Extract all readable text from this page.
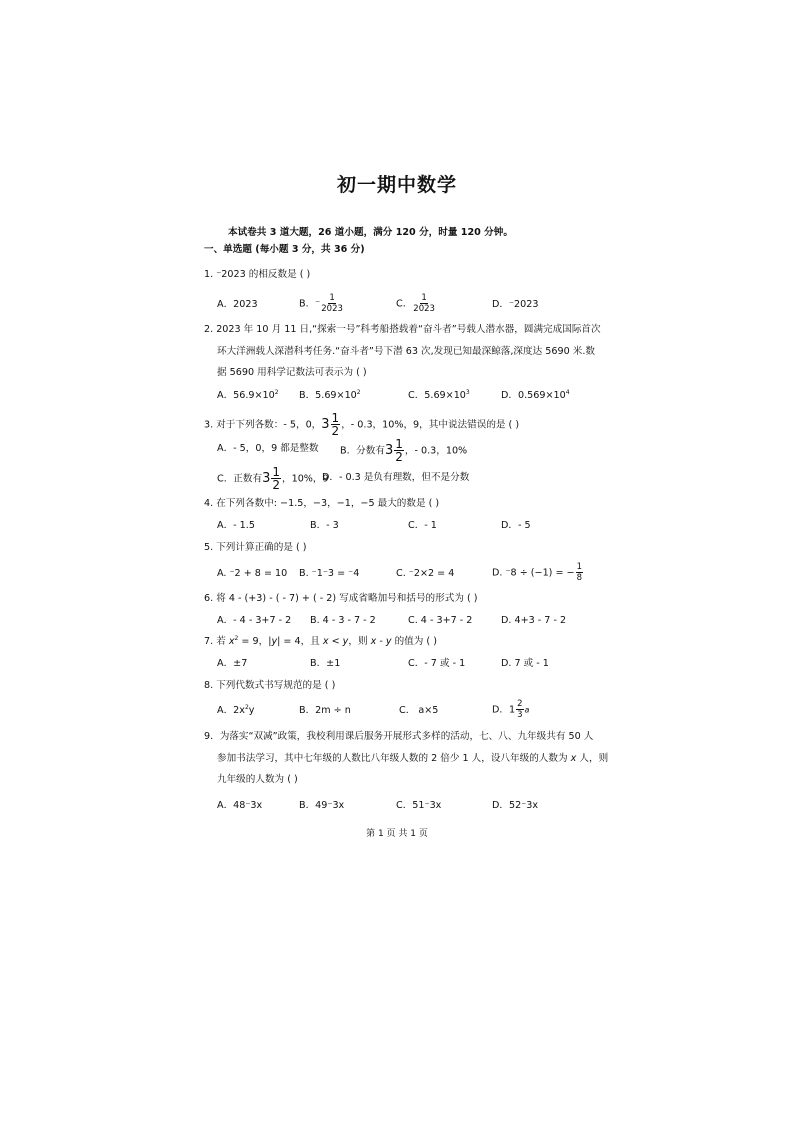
初一期中数学
本试卷共 3 道大题，26 道小题，满分 120 分，时量 120 分钟。
一、单选题 (每小题 3 分，共 36 分)
1. ⁻2023 的相反数是 ( )
A．2023	B．⁻ $\frac{1}{2023}$	C． $\frac{1}{2023}$	D．⁻2023
2. 2023 年 10 月 11 日,“探索一号”科考船搭载着“奋斗者”号载人潜水器，圆满完成国际首次
环大洋洲载人深潜科考任务.“奋斗者”号下潜 63 次,发现已知最深鲸落,深度达 5690 米.数
据 5690 用科学记数法可表示为 ( )
A．$56.9\times 10^2$ B．$5.69\times 10^2$	C．$5.69\times 10^3$	D．$0.569\times 10^4$
3. 对于下列各数：- 5，0， $3 \frac{1}{2}$ ，- 0.3，10%，9，其中说法错误的是 ( )
A．- 5，0，9 都是整数 B．分数有 $3 \frac{1}{2}$ ，- 0.3，10%
C．正数有 $3 \frac{1}{2}$ ，10%，9
D．- 0.3 是负有理数，但不是分数
4. 在下列各数中: −1.5，−3，−1，−5 最大的数是 ( )
A．- 1.5	B．- 3	C．- 1	D．- 5
5. 下列计算正确的是 ( )
A. ⁻2 + 8 = 10 B. ⁻1⁻3 = ⁻4	C. ⁻2×2 = 4	D. ⁻8 ÷ (−1) = − $\frac{1}{8}$
6. 将 4 - (+3) - ( - 7) + ( - 2) 写成省略加号和括号的形式为 ( )
A．- 4 - 3+7 - 2 B. 4 - 3 - 7 - 2	C. 4 - 3+7 - 2	D. 4+3 - 7 - 2
7. 若 $x^2 = 9$，|y| = 4，且 x < y，则 x - y 的值为 ( )
A．±7	B．±1	C．- 7 或 - 1	D. 7 或 - 1
8. 下列代数式书写规范的是 ( )
A．$2x^2y$	B．2m ÷ n	C． a×5	D．$1 \frac{2}{3}$ a
9．为落实“双减”政策，我校利用课后服务开展形式多样的活动，七、八、九年级共有 50 人
参加书法学习，其中七年级的人数比八年级人数的 2 倍少 1 人，设八年级的人数为 x 人，则
九年级的人数为 ( )
A．48⁻3x	B．49⁻3x	C．51⁻3x	D．52⁻3x
第 1 页 共 1 页
